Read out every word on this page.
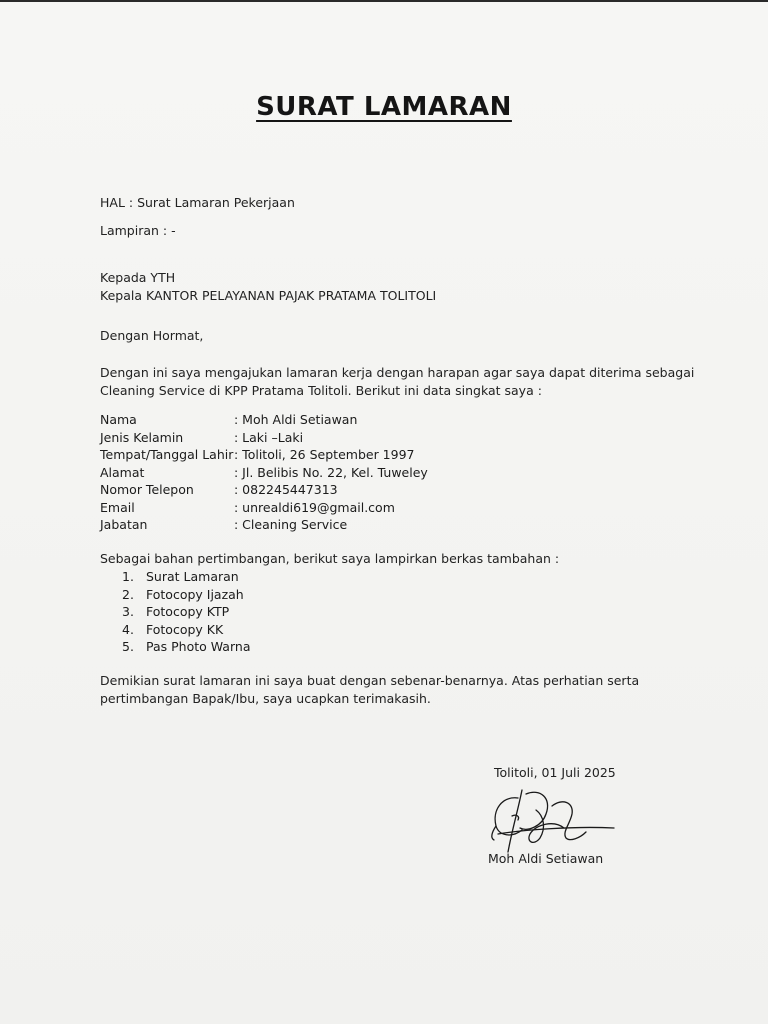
SURAT LAMARAN
HAL : Surat Lamaran Pekerjaan
Lampiran : -
Kepada YTH
Kepala KANTOR PELAYANAN PAJAK PRATAMA TOLITOLI
Dengan Hormat,
Dengan ini saya mengajukan lamaran kerja dengan harapan agar saya dapat diterima sebagai
Cleaning Service di KPP Pratama Tolitoli. Berikut ini data singkat saya :
Nama	: Moh Aldi Setiawan
Jenis Kelamin	: Laki –Laki
Tempat/Tanggal Lahir : Tolitoli, 26 September 1997
Alamat	: Jl. Belibis No. 22, Kel. Tuweley
Nomor Telepon	: 082245447313
Email	: unrealdi619@gmail.com
Jabatan	: Cleaning Service
Sebagai bahan pertimbangan, berikut saya lampirkan berkas tambahan :
1. Surat Lamaran
2. Fotocopy Ijazah
3. Fotocopy KTP
4. Fotocopy KK
5. Pas Photo Warna
Demikian surat lamaran ini saya buat dengan sebenar-benarnya. Atas perhatian serta
pertimbangan Bapak/Ibu, saya ucapkan terimakasih.
Tolitoli, 01 Juli 2025
Moh Aldi Setiawan
